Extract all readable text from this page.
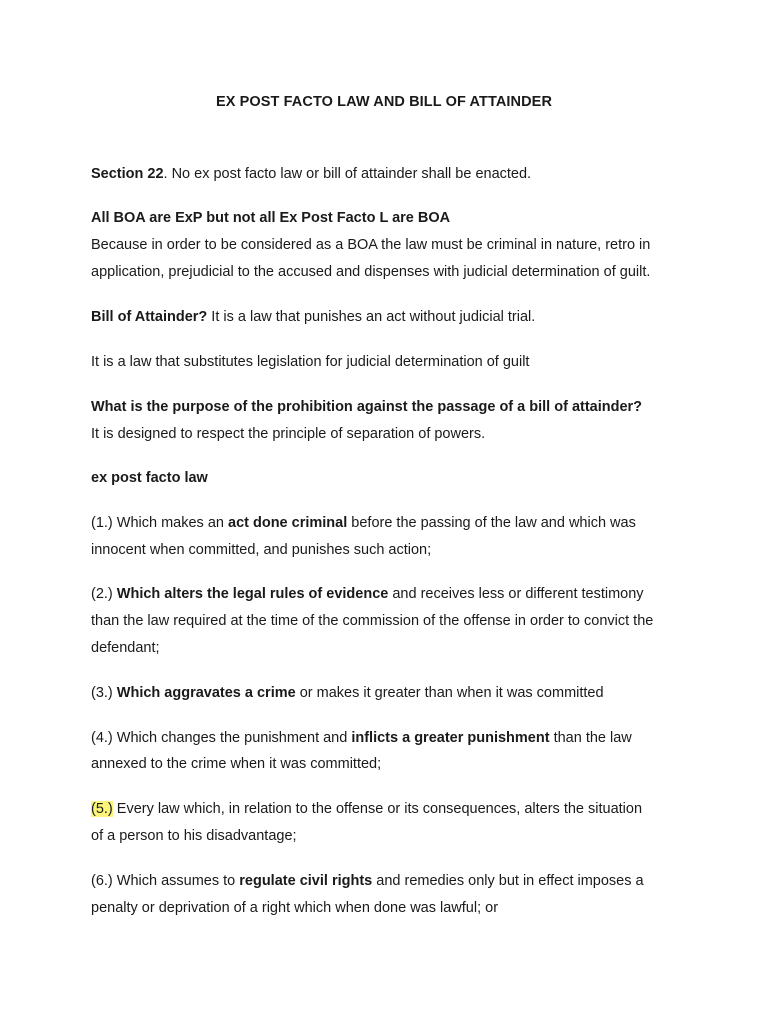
EX POST FACTO LAW AND BILL OF ATTAINDER
Section 22. No ex post facto law or bill of attainder shall be enacted.
All BOA are ExP but not all Ex Post Facto L are BOA
Because in order to be considered as a BOA the law must be criminal in nature, retro in
application, prejudicial to the accused and dispenses with judicial determination of guilt.
Bill of Attainder? It is a law that punishes an act without judicial trial.
It is a law that substitutes legislation for judicial determination of guilt
What is the purpose of the prohibition against the passage of a bill of attainder?
It is designed to respect the principle of separation of powers.
ex post facto law
(1.) Which makes an act done criminal before the passing of the law and which was
innocent when committed, and punishes such action;
(2.) Which alters the legal rules of evidence and receives less or different testimony
than the law required at the time of the commission of the offense in order to convict the
defendant;
(3.) Which aggravates a crime or makes it greater than when it was committed
(4.) Which changes the punishment and inflicts a greater punishment than the law
annexed to the crime when it was committed;
(5.) Every law which, in relation to the offense or its consequences, alters the situation
of a person to his disadvantage;
(6.) Which assumes to regulate civil rights and remedies only but in effect imposes a
penalty or deprivation of a right which when done was lawful; or
